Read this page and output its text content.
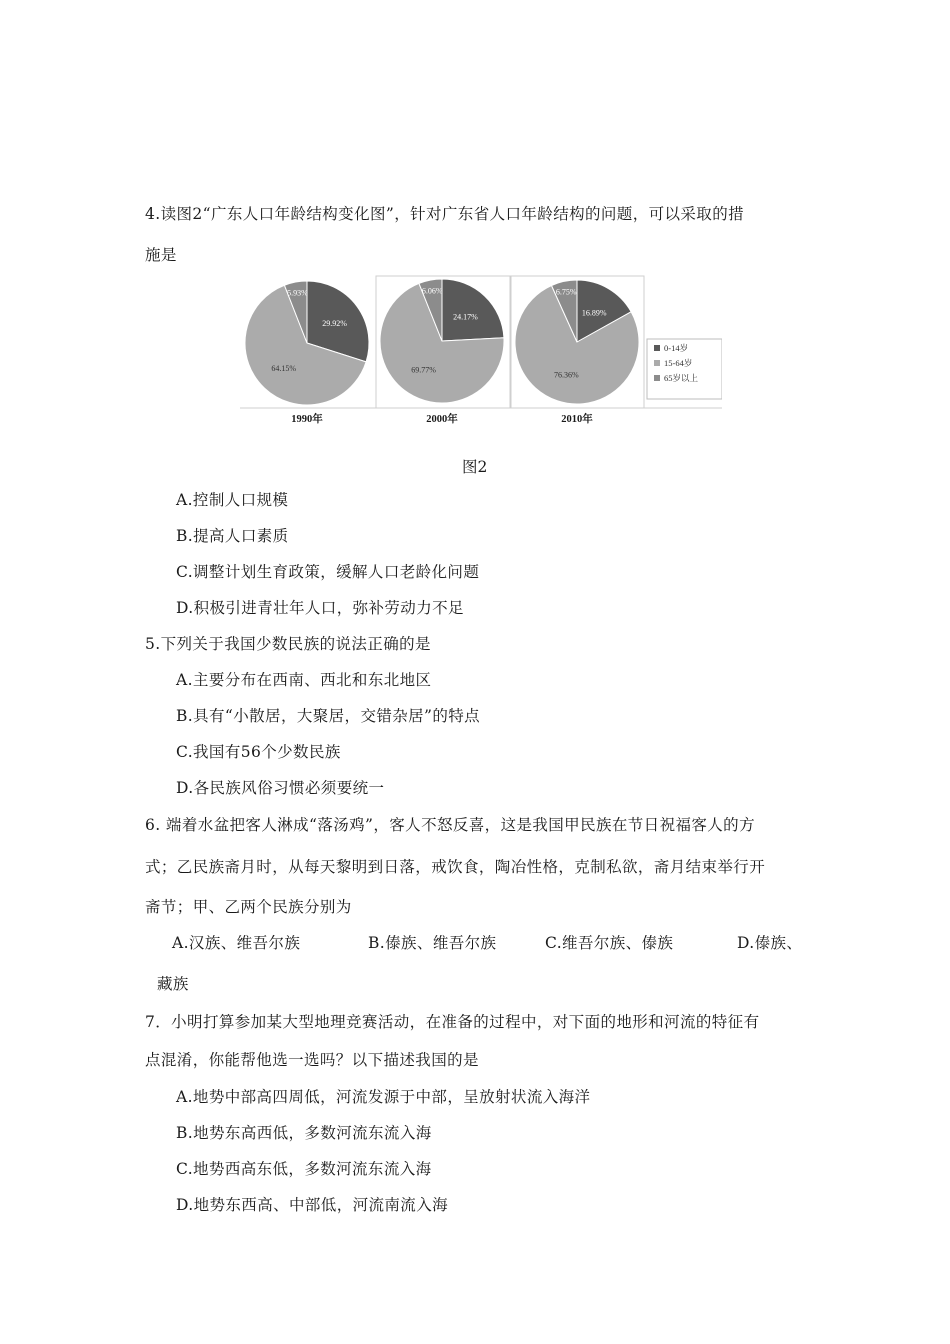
4.读图2“广东人口年龄结构变化图”，针对广东省人口年龄结构的问题，可以采取的措
施是
29.92%
64.15%
5.93%
1990年
24.17%
69.77%
6.06%
2000年
16.89%
76.36%
6.75%
2010年
0-14岁
15-64岁
65岁以上
图2
A.控制人口规模
B.提高人口素质
C.调整计划生育政策，缓解人口老龄化问题
D.积极引进青壮年人口，弥补劳动力不足
5.下列关于我国少数民族的说法正确的是
A.主要分布在西南、西北和东北地区
B.具有“小散居，大聚居，交错杂居”的特点
C.我国有56个少数民族
D.各民族风俗习惯必须要统一
6. 端着水盆把客人淋成“落汤鸡”，客人不怒反喜，这是我国甲民族在节日祝福客人的方
式；乙民族斋月时，从每天黎明到日落，戒饮食，陶冶性格，克制私欲，斋月结束举行开
斋节；甲、乙两个民族分别为
A.汉族、维吾尔族	B.傣族、维吾尔族	C.维吾尔族、傣族	D.傣族、
藏族
7．小明打算参加某大型地理竞赛活动，在准备的过程中，对下面的地形和河流的特征有
点混淆，你能帮他选一选吗？以下描述我国的是
A.地势中部高四周低，河流发源于中部，呈放射状流入海洋
B.地势东高西低，多数河流东流入海
C.地势西高东低，多数河流东流入海
D.地势东西高、中部低，河流南流入海
